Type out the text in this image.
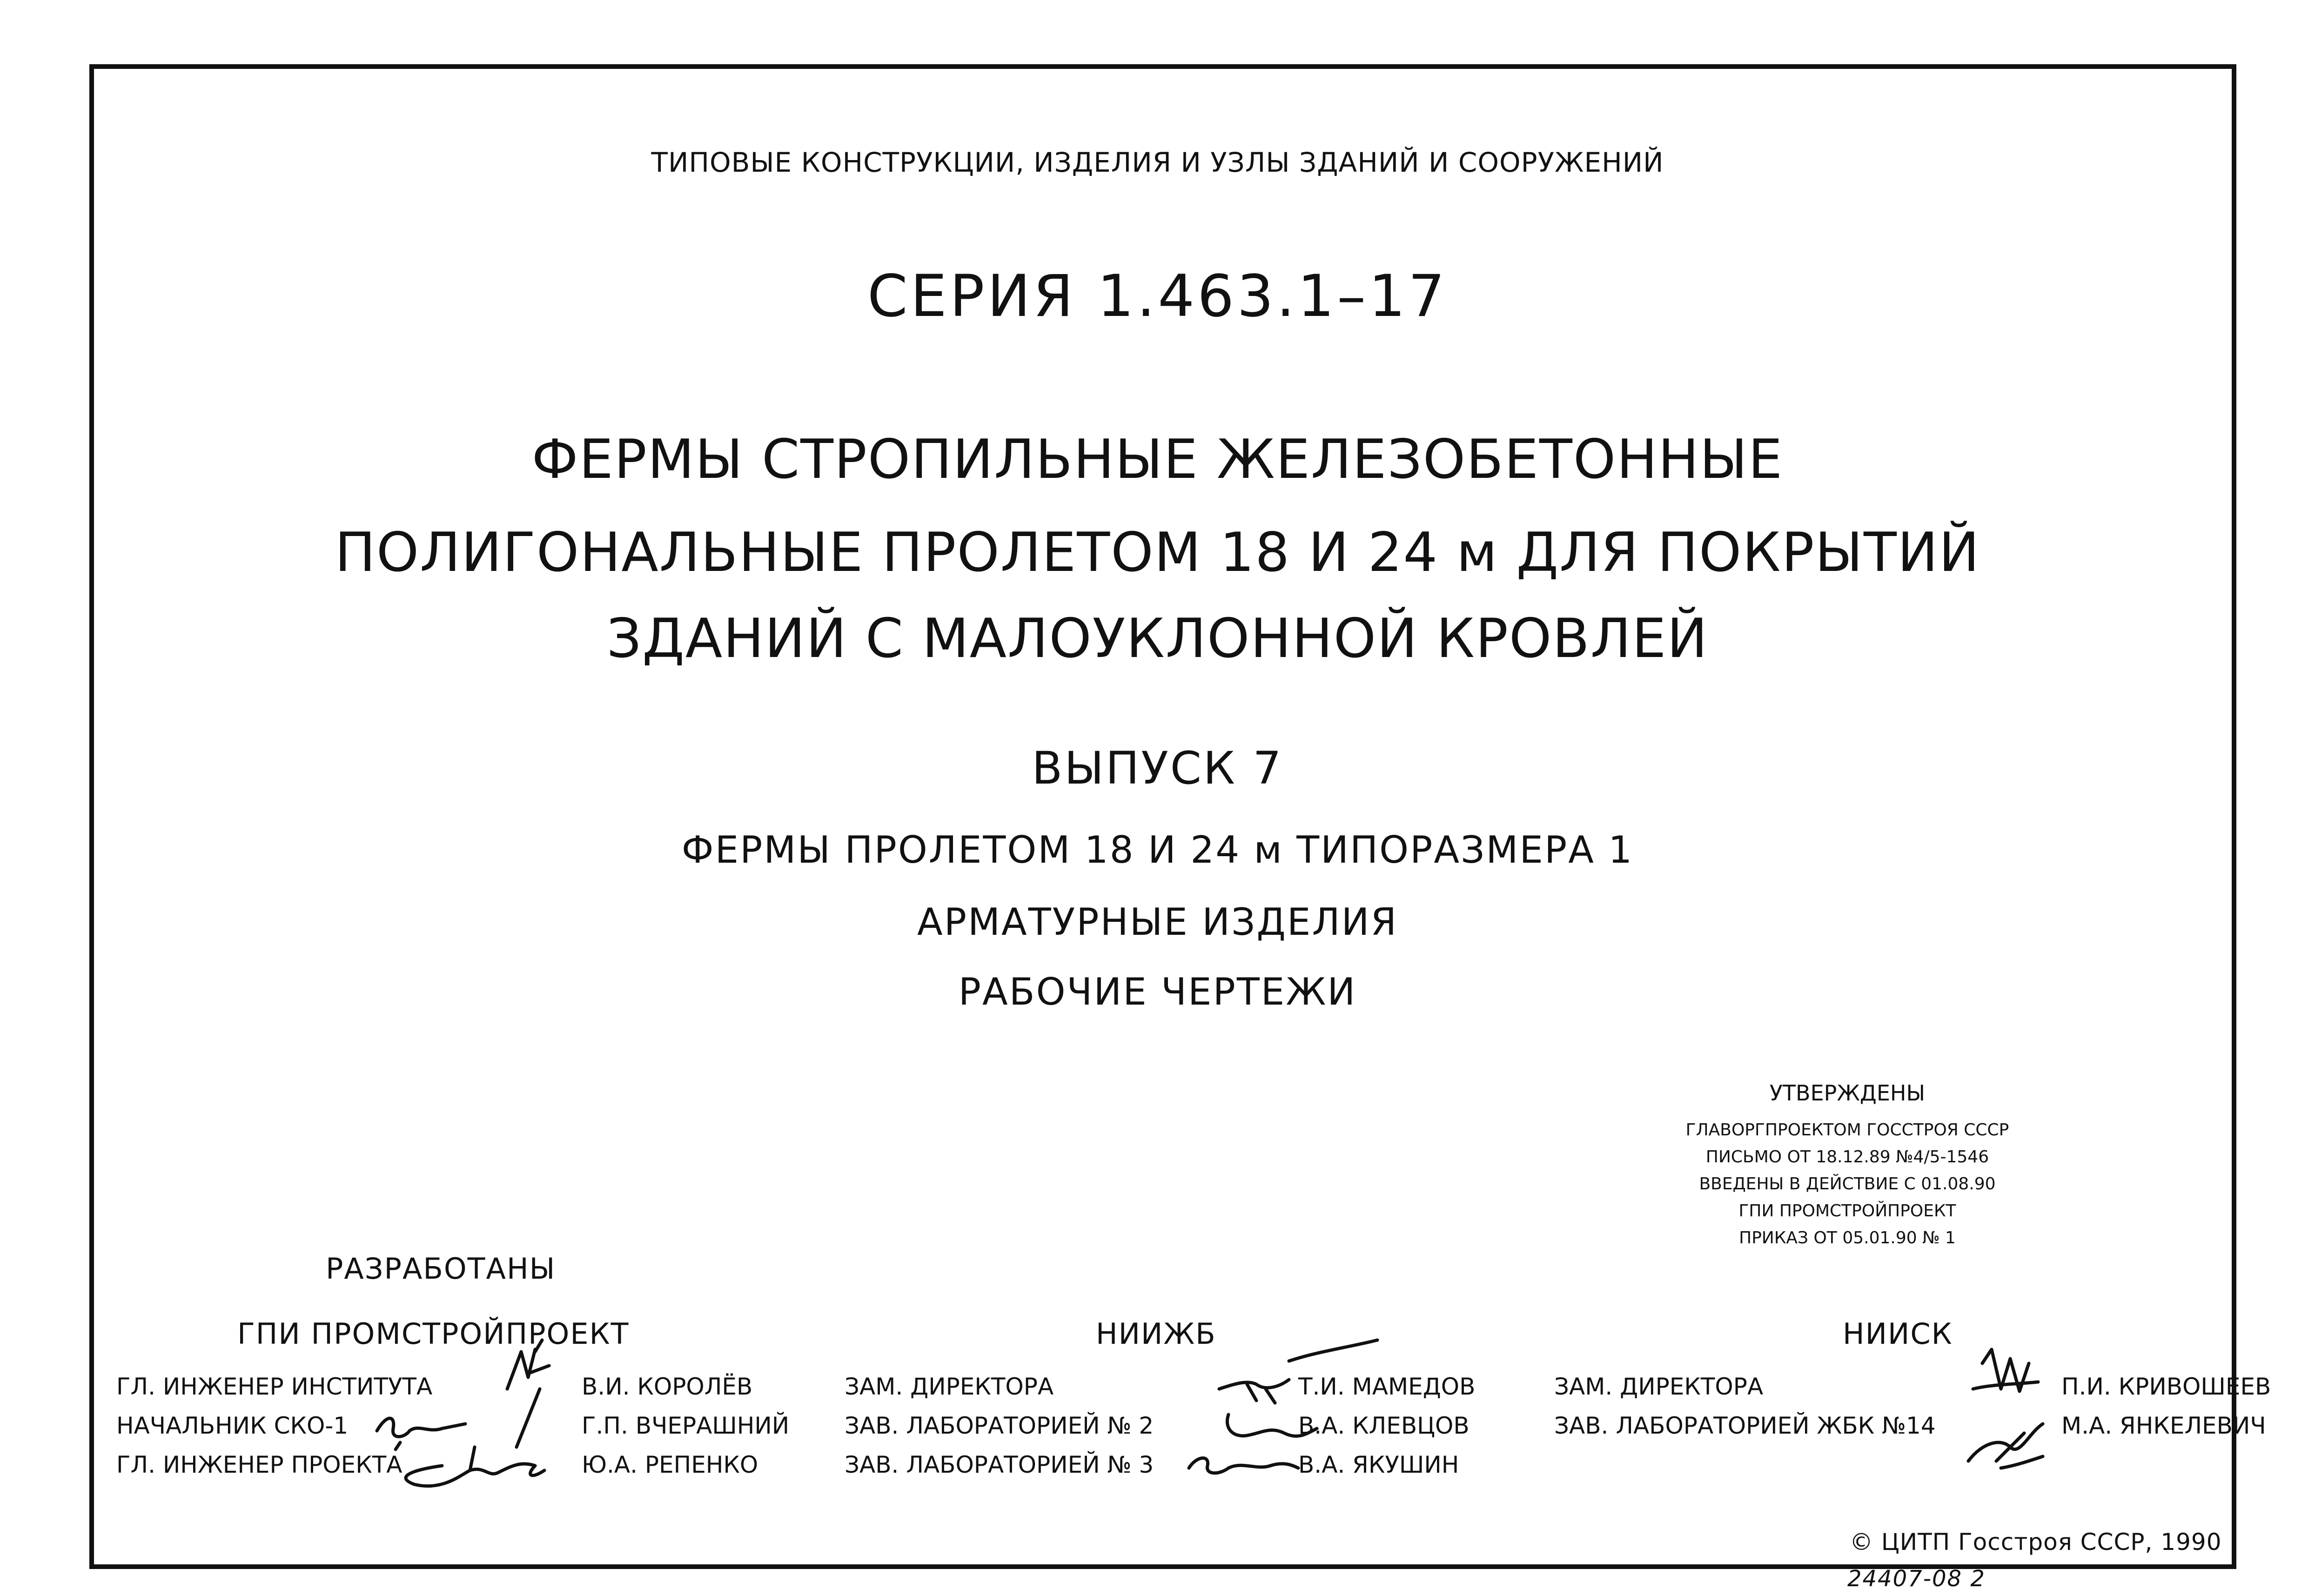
ТИПОВЫЕ КОНСТРУКЦИИ, ИЗДЕЛИЯ И УЗЛЫ ЗДАНИЙ И СООРУЖЕНИЙ
СЕРИЯ 1.463.1–17
ФЕРМЫ СТРОПИЛЬНЫЕ ЖЕЛЕЗОБЕТОННЫЕ
ПОЛИГОНАЛЬНЫЕ ПРОЛЕТОМ 18 И 24 м ДЛЯ ПОКРЫТИЙ
ЗДАНИЙ С МАЛОУКЛОННОЙ КРОВЛЕЙ
ВЫПУСК 7
ФЕРМЫ ПРОЛЕТОМ 18 И 24 м ТИПОРАЗМЕРА 1
АРМАТУРНЫЕ ИЗДЕЛИЯ
РАБОЧИЕ ЧЕРТЕЖИ
УТВЕРЖДЕНЫ
ГЛАВОРГПРОЕКТОМ ГОССТРОЯ СССР
ПИСЬМО ОТ 18.12.89 №4/5-1546
ВВЕДЕНЫ В ДЕЙСТВИЕ С 01.08.90
ГПИ ПРОМСТРОЙПРОЕКТ
ПРИКАЗ ОТ 05.01.90 № 1
РАЗРАБОТАНЫ
ГПИ ПРОМСТРОЙПРОЕКТ	НИИЖБ	НИИСК
ГЛ. ИНЖЕНЕР ИНСТИТУТА
НАЧАЛЬНИК СКО-1
ГЛ. ИНЖЕНЕР ПРОЕКТА
В.И. КОРОЛЁВ
Г.П. ВЧЕРАШНИЙ
Ю.А. РЕПЕНКО
ЗАМ. ДИРЕКТОРА
ЗАВ. ЛАБОРАТОРИЕЙ № 2
ЗАВ. ЛАБОРАТОРИЕЙ № 3
Т.И. МАМЕДОВ
В.А. КЛЕВЦОВ
В.А. ЯКУШИН
ЗАМ. ДИРЕКТОРА
ЗАВ. ЛАБОРАТОРИЕЙ ЖБК №14
П.И. КРИВОШЕЕВ
М.А. ЯНКЕЛЕВИЧ
© ЦИТП Госстроя СССР, 1990
24407-08 2
